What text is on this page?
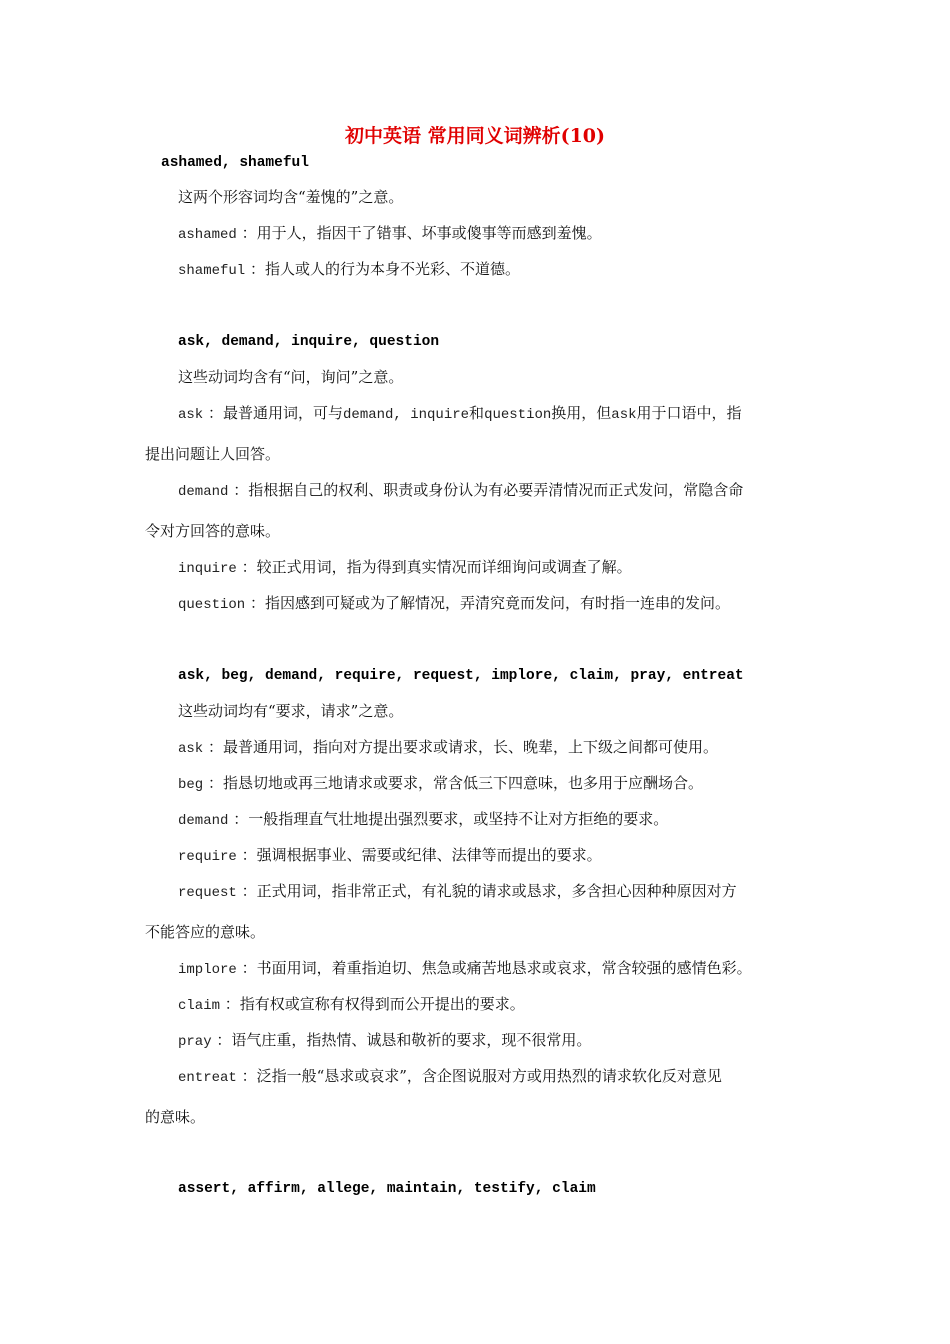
初中英语 常用同义词辨析(10)
ashamed, shameful
这两个形容词均含“羞愧的”之意。
ashamed ：用于人，指因干了错事、坏事或傻事等而感到羞愧。
shameful ：指人或人的行为本身不光彩、不道德。
ask, demand, inquire, question
这些动词均含有“问，询问”之意。
ask ：最普通用词，可与demand, inquire和question换用，但ask用于口语中，指
提出问题让人回答。
demand ：指根据自己的权利、职责或身份认为有必要弄清情况而正式发问，常隐含命
令对方回答的意味。
inquire ：较正式用词，指为得到真实情况而详细询问或调查了解。
question ：指因感到可疑或为了解情况，弄清究竟而发问，有时指一连串的发问。
ask, beg, demand, require, request, implore, claim, pray, entreat
这些动词均有“要求，请求”之意。
ask ：最普通用词，指向对方提出要求或请求，长、晚辈，上下级之间都可使用。
beg ：指恳切地或再三地请求或要求，常含低三下四意味，也多用于应酬场合。
demand ：一般指理直气壮地提出强烈要求，或坚持不让对方拒绝的要求。
require ：强调根据事业、需要或纪律、法律等而提出的要求。
request ：正式用词，指非常正式，有礼貌的请求或恳求，多含担心因种种原因对方
不能答应的意味。
implore ：书面用词，着重指迫切、焦急或痛苦地恳求或哀求，常含较强的感情色彩。
claim ：指有权或宣称有权得到而公开提出的要求。
pray ：语气庄重，指热情、诚恳和敬祈的要求，现不很常用。
entreat ：泛指一般“恳求或哀求”，含企图说服对方或用热烈的请求软化反对意见
的意味。
assert, affirm, allege, maintain, testify, claim
